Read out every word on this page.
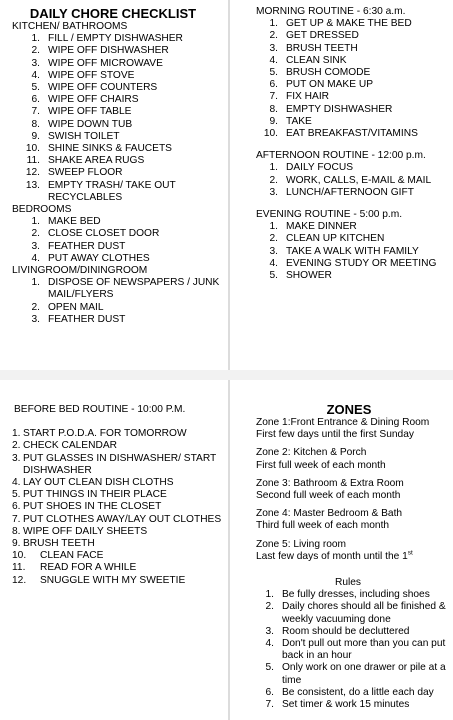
DAILY CHORE CHECKLIST
KITCHEN/ BATHROOMS
1. FILL / EMPTY DISHWASHER
2. WIPE OFF DISHWASHER
3. WIPE OFF MICROWAVE
4. WIPE OFF STOVE
5. WIPE OFF COUNTERS
6. WIPE OFF CHAIRS
7. WIPE OFF TABLE
8. WIPE DOWN TUB
9. SWISH TOILET
10. SHINE SINKS & FAUCETS
11. SHAKE AREA RUGS
12. SWEEP FLOOR
13. EMPTY TRASH/ TAKE OUT RECYCLABLES
BEDROOMS
1. MAKE BED
2. CLOSE CLOSET DOOR
3. FEATHER DUST
4. PUT AWAY CLOTHES
LIVINGROOM/DININGROOM
1. DISPOSE OF NEWSPAPERS / JUNK MAIL/FLYERS
2. OPEN MAIL
3. FEATHER DUST
MORNING ROUTINE - 6:30 a.m.
1. GET UP & MAKE THE BED
2. GET DRESSED
3. BRUSH TEETH
4. CLEAN SINK
5. BRUSH COMODE
6. PUT ON MAKE UP
7. FIX HAIR
8. EMPTY DISHWASHER
9. TAKE
10. EAT BREAKFAST/VITAMINS
AFTERNOON ROUTINE - 12:00 p.m.
1. DAILY FOCUS
2. WORK, CALLS, E-MAIL & MAIL
3. LUNCH/AFTERNOON GIFT
EVENING ROUTINE - 5:00 p.m.
1. MAKE DINNER
2. CLEAN UP KITCHEN
3. TAKE A WALK WITH FAMILY
4. EVENING STUDY OR MEETING
5. SHOWER
BEFORE BED ROUTINE - 10:00 P.M.
1. START P.O.D.A. FOR TOMORROW
2. CHECK CALENDAR
3. PUT GLASSES IN DISHWASHER/ START DISHWASHER
4. LAY OUT CLEAN DISH CLOTHS
5. PUT THINGS IN THEIR PLACE
6. PUT SHOES IN THE CLOSET
7. PUT CLOTHES AWAY/LAY OUT CLOTHES
8. WIPE OFF DAILY SHEETS
9. BRUSH TEETH
10.	CLEAN FACE
11.	READ FOR A WHILE
12.	SNUGGLE WITH MY SWEETIE
ZONES

Zone 1:Front Entrance & Dining Room

First few days until the first Sunday

Zone 2: Kitchen & Porch

First full week of each month

Zone 3: Bathroom & Extra Room

Second full week of each month

Zone 4: Master Bedroom & Bath

Third full week of each month

Zone 5: Living room

Last few days of month until the 1st

Rules
1. Be fully dresses, including shoes
2. Daily chores should all be finished & weekly vacuuming done
3. Room should be decluttered
4. Don't pull out more than you can put back in an hour
5. Only work on one drawer or pile at a time
6. Be consistent, do a little each day
7. Set timer & work 15 minutes
